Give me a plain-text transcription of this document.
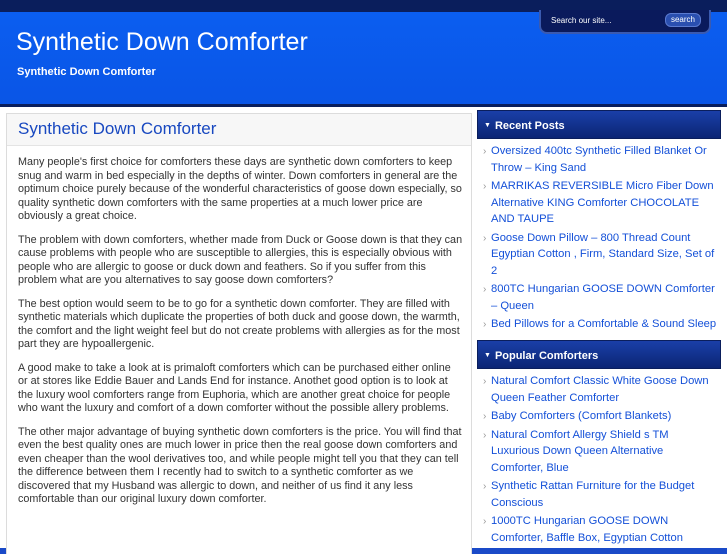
Synthetic Down Comforter
Synthetic Down Comforter
Search our site...
search
Synthetic Down Comforter

Many people's first choice for comforters these days are synthetic down comforters to keep snug and warm in bed especially in the depths of winter. Down comforters in general are the optimum choice purely because of the wonderful characteristics of goose down especially, so quality synthetic down comforters with the same properties at a much lower price are obviously a great choice.

The problem with down comforters, whether made from Duck or Goose down is that they can cause problems with people who are susceptible to allergies, this is especially obvious with people who are allergic to goose or duck down and feathers. So if you suffer from this problem what are you alternatives to say goose down comforters?

The best option would seem to be to go for a synthetic down comforter. They are filled with synthetic materials which duplicate the properties of both duck and goose down, the warmth, the comfort and the light weight feel but do not create problems with allergies as for the most part they are hypoallergenic.

A good make to take a look at is primaloft comforters which can be purchased either online or at stores like Eddie Bauer and Lands End for instance. Anothet good option is to look at the luxury wool comforters range from Euphoria, which are another great choice for people who want the luxury and comfort of a down comforter without the possible allery problems.

The other major advantage of buying synthetic down comforters is the price. You will find that even the best quality ones are much lower in price then the real goose down comforters and even cheaper than the wool derivatives too, and while people might tell you that they can tell the difference between them I recently had to switch to a synthetic comforter as we discovered that my Husband was allergic to down, and neither of us find it any less comfortable than our original luxury down comforter.

▼ Recent Posts
› Oversized 400tc Synthetic Filled Blanket Or Throw – King Sand
› MARRIKAS REVERSIBLE Micro Fiber Down Alternative KING Comforter CHOCOLATE AND TAUPE
› Goose Down Pillow – 800 Thread Count Egyptian Cotton , Firm, Standard Size, Set of 2
› 800TC Hungarian GOOSE DOWN Comforter – Queen
› Bed Pillows for a Comfortable & Sound Sleep
▼ Popular Comforters
› Natural Comfort Classic White Goose Down Queen Feather Comforter
› Baby Comforters (Comfort Blankets)
› Natural Comfort Allergy Shield s TM Luxurious Down Queen Alternative Comforter, Blue
› Synthetic Rattan Furniture for the Budget Conscious
› 1000TC Hungarian GOOSE DOWN Comforter, Baffle Box, Egyptian Cotton
